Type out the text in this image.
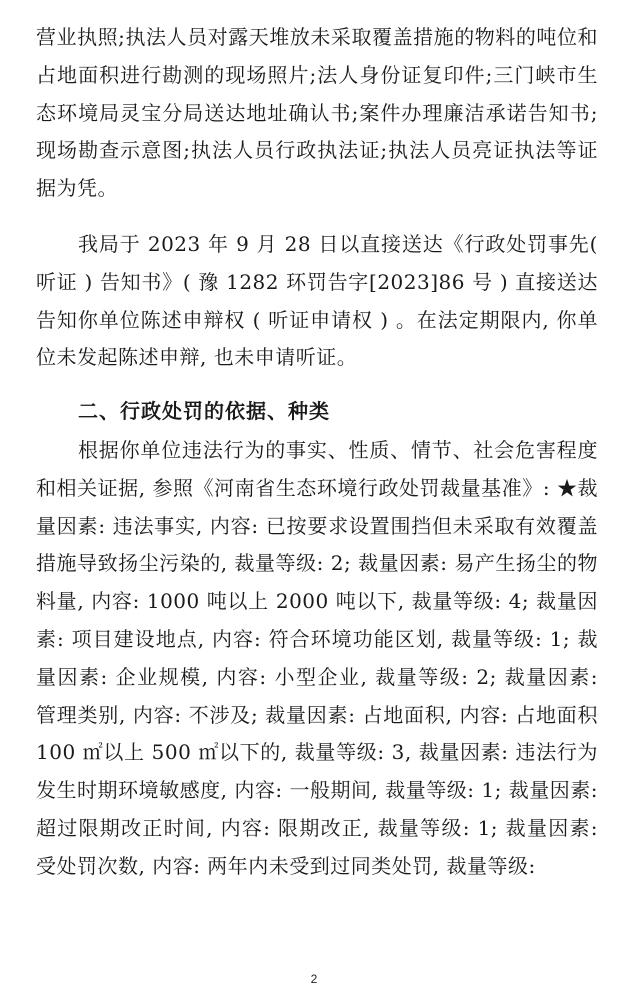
营业执照;执法人员对露天堆放未采取覆盖措施的物料的吨位和占地面积进行勘测的现场照片;法人身份证复印件;三门峡市生态环境局灵宝分局送达地址确认书;案件办理廉洁承诺告知书; 现场勘查示意图;执法人员行政执法证;执法人员亮证执法等证据为凭。
我局于 2023 年 9 月 28 日以直接送达《行政处罚事先( 听证 ) 告知书》( 豫 1282 环罚告字[2023]86 号 ) 直接送达告知你单位陈述申辩权 ( 听证申请权 ) 。在法定期限内, 你单位未发起陈述申辩, 也未申请听证。
二、行政处罚的依据、种类
根据你单位违法行为的事实、性质、情节、社会危害程度和相关证据, 参照《河南省生态环境行政处罚裁量基准》: ★裁量因素: 违法事实, 内容: 已按要求设置围挡但未采取有效覆盖措施导致扬尘污染的, 裁量等级: 2; 裁量因素: 易产生扬尘的物料量, 内容: 1000 吨以上 2000 吨以下, 裁量等级: 4; 裁量因素: 项目建设地点, 内容: 符合环境功能区划, 裁量等级: 1; 裁量因素: 企业规模, 内容: 小型企业, 裁量等级: 2; 裁量因素: 管理类别, 内容: 不涉及; 裁量因素: 占地面积, 内容: 占地面积 100 ㎡以上 500 ㎡以下的, 裁量等级: 3, 裁量因素: 违法行为发生时期环境敏感度, 内容: 一般期间, 裁量等级: 1; 裁量因素: 超过限期改正时间, 内容: 限期改正, 裁量等级: 1; 裁量因素: 受处罚次数, 内容: 两年内未受到过同类处罚, 裁量等级:
2
